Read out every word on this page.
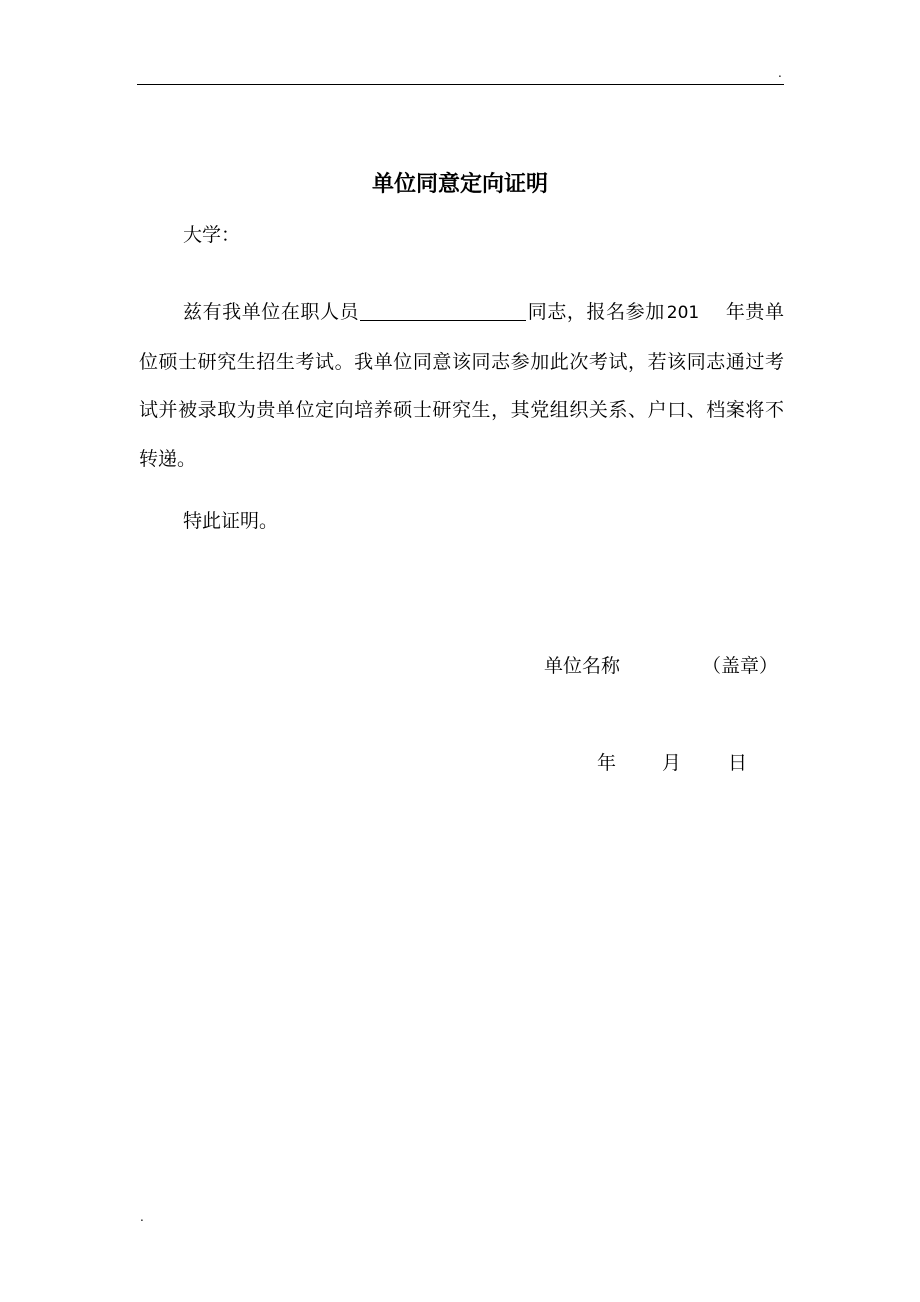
.
单位同意定向证明
大学：

兹有我单位在职人员	同志，报名参加 201 年贵单位硕士研究生招生考试。我单位同意该同志参加此次考试，若该同志通过考试并被录取为贵单位定向培养硕士研究生，其党组织关系、户口、档案将不转递。

特此证明。
单位名称	（盖章）
年 月 日
.
